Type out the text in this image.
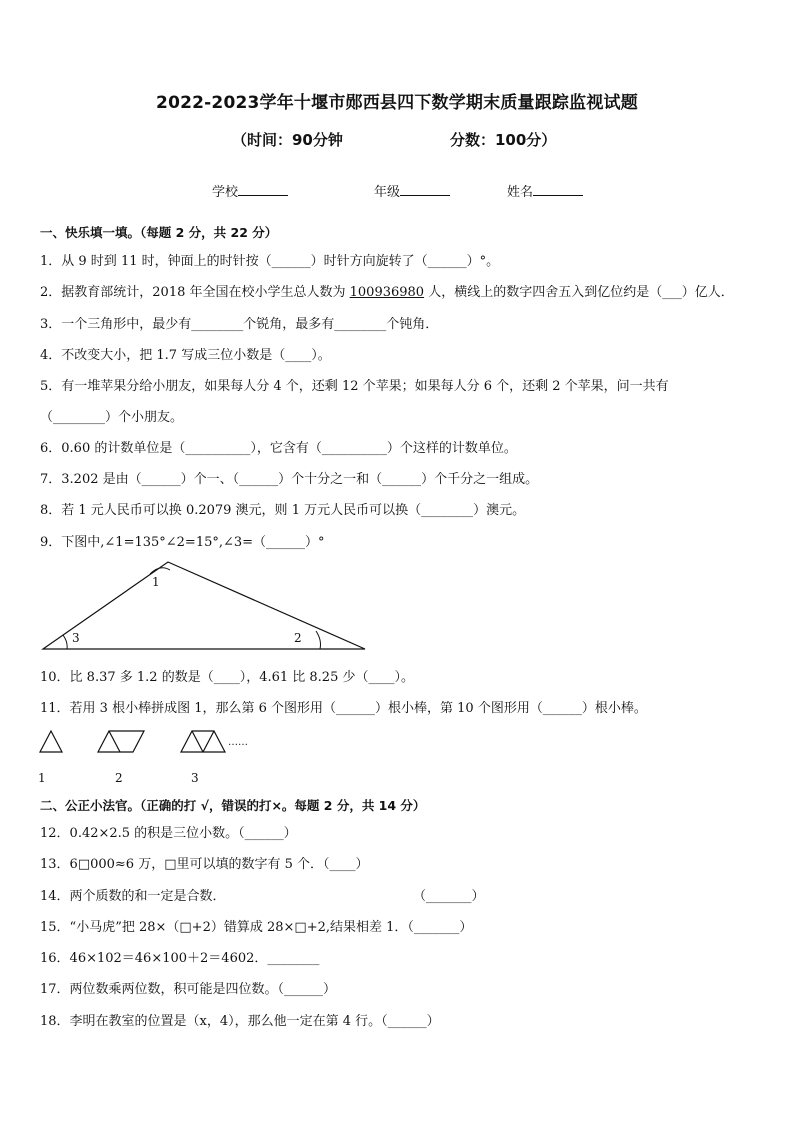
2022-2023学年十堰市郧西县四下数学期末质量跟踪监视试题
（时间：90分钟	分数：100分）
学校	年级	姓名
一、快乐填一填。（每题 2 分，共 22 分）
1．从 9 时到 11 时，钟面上的时针按（______）时针方向旋转了（______）°。
2．据教育部统计，2018 年全国在校小学生总人数为 100936980 人，横线上的数字四舍五入到亿位约是（___）亿人．
3．一个三角形中，最少有________个锐角，最多有________个钝角．
4．不改变大小，把 1.7 写成三位小数是（____）。
5．有一堆苹果分给小朋友，如果每人分 4 个，还剩 12 个苹果；如果每人分 6 个，还剩 2 个苹果，问一共有
（________）个小朋友。
6．0.60 的计数单位是（__________），它含有（__________）个这样的计数单位。
7．3.202 是由（______）个一、（______）个十分之一和（______）个千分之一组成。
8．若 1 元人民币可以换 0.2079 澳元，则 1 万元人民币可以换（________）澳元。
9．下图中,∠1=135°∠2=15°,∠3=（______）°
1
2
3
10．比 8.37 多 1.2 的数是（____），4.61 比 8.25 少（____）。
11．若用 3 根小棒拼成图 1，那么第 6 个图形用（______）根小棒，第 10 个图形用（______）根小棒。
……
1	2	3
二、公正小法官。（正确的打 √，错误的打×。每题 2 分，共 14 分）
12．0.42×2.5 的积是三位小数。（______）
13．6□000≈6 万，□里可以填的数字有 5 个．（____）
14．两个质数的和一定是合数．	（_______）
15．“小马虎”把 28×（□+2）错算成 28×□+2,结果相差 1．（_______）
16．46×102＝46×100＋2＝4602．________
17．两位数乘两位数，积可能是四位数。（______）
18．李明在教室的位置是（x，4），那么他一定在第 4 行。（______）
